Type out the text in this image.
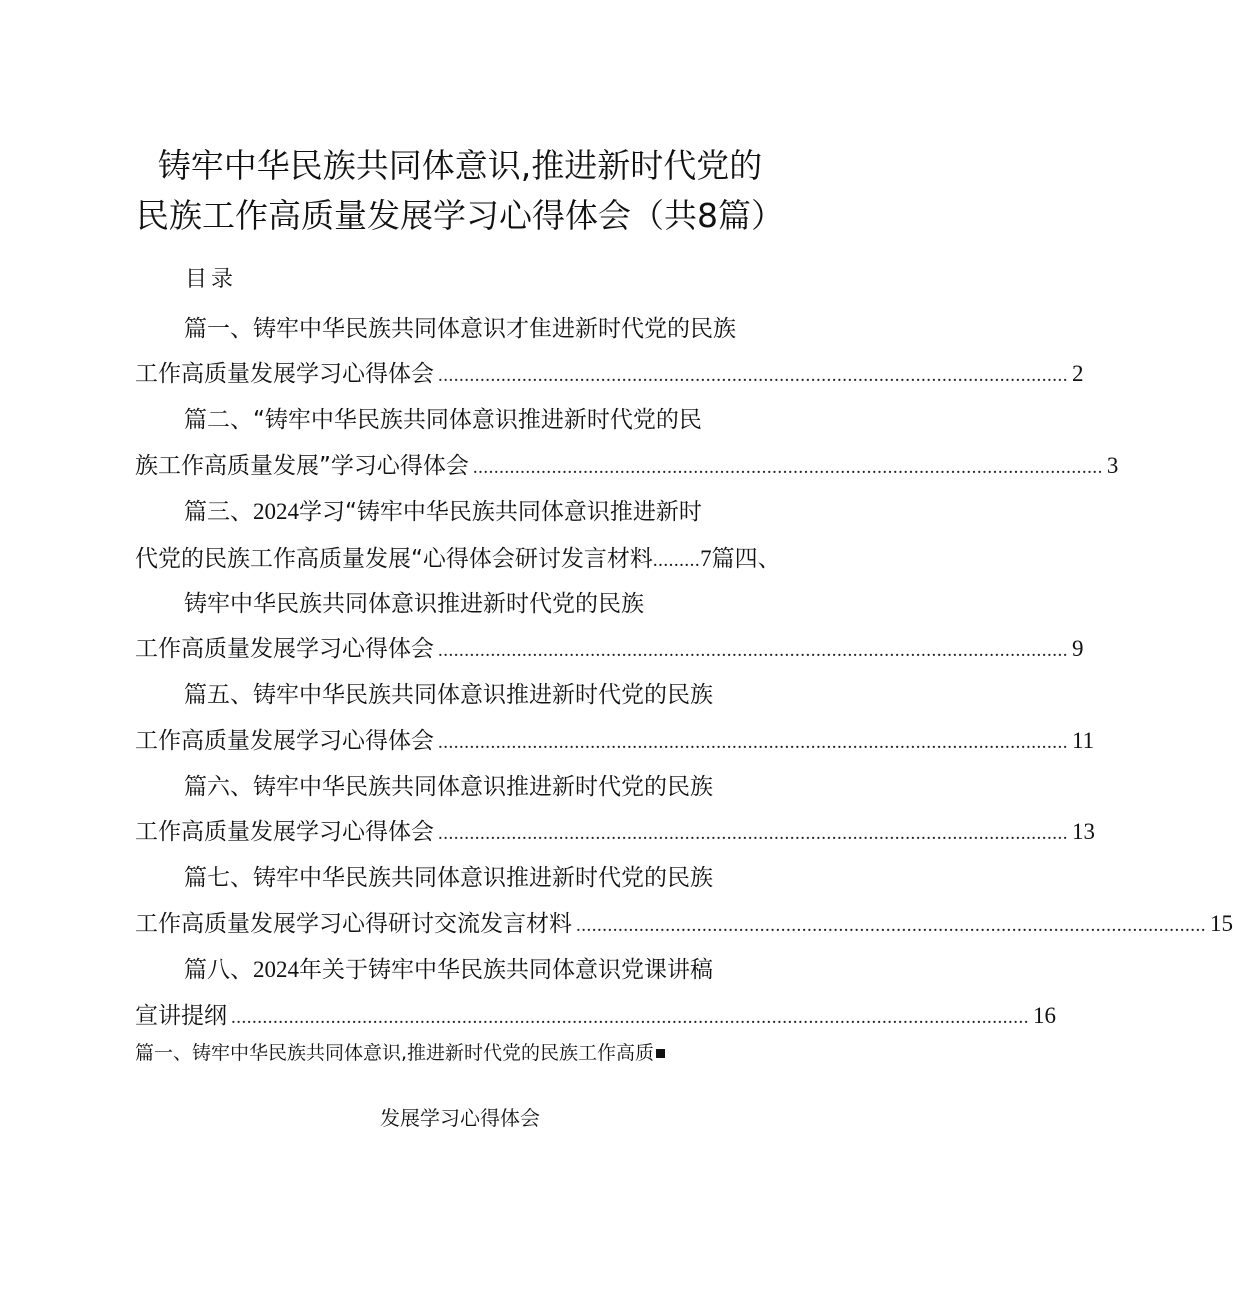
铸牢中华民族共同体意识,推进新时代党的
民族工作高质量发展学习心得体会（共8篇）
目录
篇一、铸牢中华民族共同体意识才隹进新时代党的民族
工作高质量发展学习心得体会 ........................................................................................................................ 2
篇二、“铸牢中华民族共同体意识推进新时代党的民
族工作高质量发展”学习心得体会 ........................................................................................................................ 3
篇三、2024学习“铸牢中华民族共同体意识推进新时
代党的民族工作高质量发展“心得体会研讨发言材料.........7篇四、
铸牢中华民族共同体意识推进新时代党的民族
工作高质量发展学习心得体会 ........................................................................................................................ 9
篇五、铸牢中华民族共同体意识推进新时代党的民族
工作高质量发展学习心得体会 ........................................................................................................................ 11
篇六、铸牢中华民族共同体意识推进新时代党的民族
工作高质量发展学习心得体会 ........................................................................................................................ 13
篇七、铸牢中华民族共同体意识推进新时代党的民族
工作高质量发展学习心得研讨交流发言材料 ........................................................................................................................ 15
篇八、2024年关于铸牢中华民族共同体意识党课讲稿
宣讲提纲 ........................................................................................................................................................ 16
篇一、铸牢中华民族共同体意识,推进新时代党的民族工作高质
发展学习心得体会
